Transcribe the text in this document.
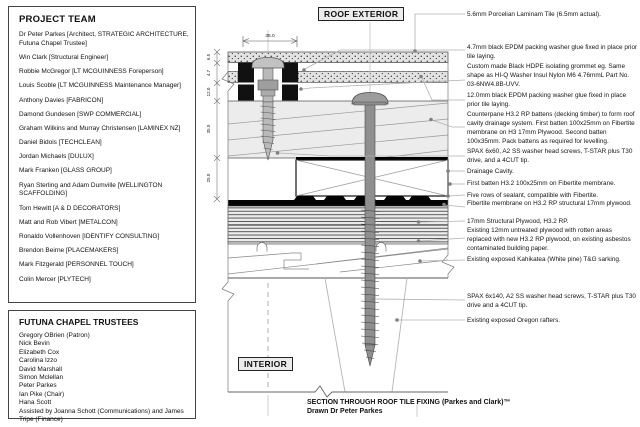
35.0
6.5
4.7
12.0
35.0
25.0
PROJECT TEAM
Dr Peter Parkes [Architect, STRATEGIC ARCHITECTURE, Futuna Chapel Trustee]
Win Clark [Structural Engineer]
Robbie McGregor [LT MCGUINNESS Foreperson]
Louis Scoble [LT MCGUINNESS Maintenance Manager]
Anthony Davies [FABRICON]
Damond Gundesen [SWP COMMERCIAL]
Graham Wilkins and Murray Christensen [LAMINEX NZ]
Daniel Bidois [TECHCLEAN]
Jordan Michaels [DULUX]
Mark Franken [GLASS GROUP]
Ryan Sterling and Adam Dumville [WELLINGTON SCAFFOLDING]
Tom Hewitt [A & D DECORATORS]
Matt and Rob Vibert [METALCON]
Ronaldo Vollenhoven [IDENTIFY CONSULTING]
Brendon Beirne [PLACEMAKERS]
Mark Fitzgerald [PERSONNEL TOUCH]
Colin Mercer [PLYTECH]
FUTUNA CHAPEL TRUSTEES
Gregory OBrien (Patron)
Nick Bevin
Elizabeth Cox
Carolina Izzo
David Marshall
Simon Mclellan
Peter Parkes
Ian Pike (Chair)
Hana Scott
Assisted by Joanna Schott (Communications) and James Tripe (Finance)
ROOF EXTERIOR
INTERIOR
5.6mm Porcelian Laminam Tile (6.5mm actual).
4.7mm black EPDM packing washer glue fixed in place prior tile laying.
Custom made Black HDPE isolating grommet eg. Same shape as HI-Q Washer Insul Nylon M6 4.76mmL Part No. 03-6NW4.8B-UVV.
12.0mm black EPDM packing washer glue fixed in place prior tile laying.
Counterpane H3.2 RP battens (decking timber) to form roof cavity drainage system. First batten 100x25mm on Fibertite membrane on H3 17mm Plywood. Second batten 100x35mm. Pack battens as required for levelling.
SPAX 6x60, A2 SS washer head screws, T-STAR plus T30 drive, and a 4CUT tip.
Drainage Cavity.
First batten H3.2 100x25mm on Fibertite membrane.
Five rows of sealant, compatible with Fibertite.
Fibertite membrane on H3.2 RP structural 17mm plywood.
17mm Structural Plywood, H3.2 RP.
Existing 12mm untreated plywood with rotten areas replaced with new H3.2 RP plywood, on existing asbestos contaminated building paper.
Existing exposed Kahikatea (White pine) T&G sarking.
SPAX 6x140, A2 SS washer head screws, T-STAR plus T30 drive and a 4CUT tip.
Existing exposed Oregon rafters.
SECTION THROUGH ROOF TILE FIXING (Parkes and Clark)™
Drawn Dr Peter Parkes
